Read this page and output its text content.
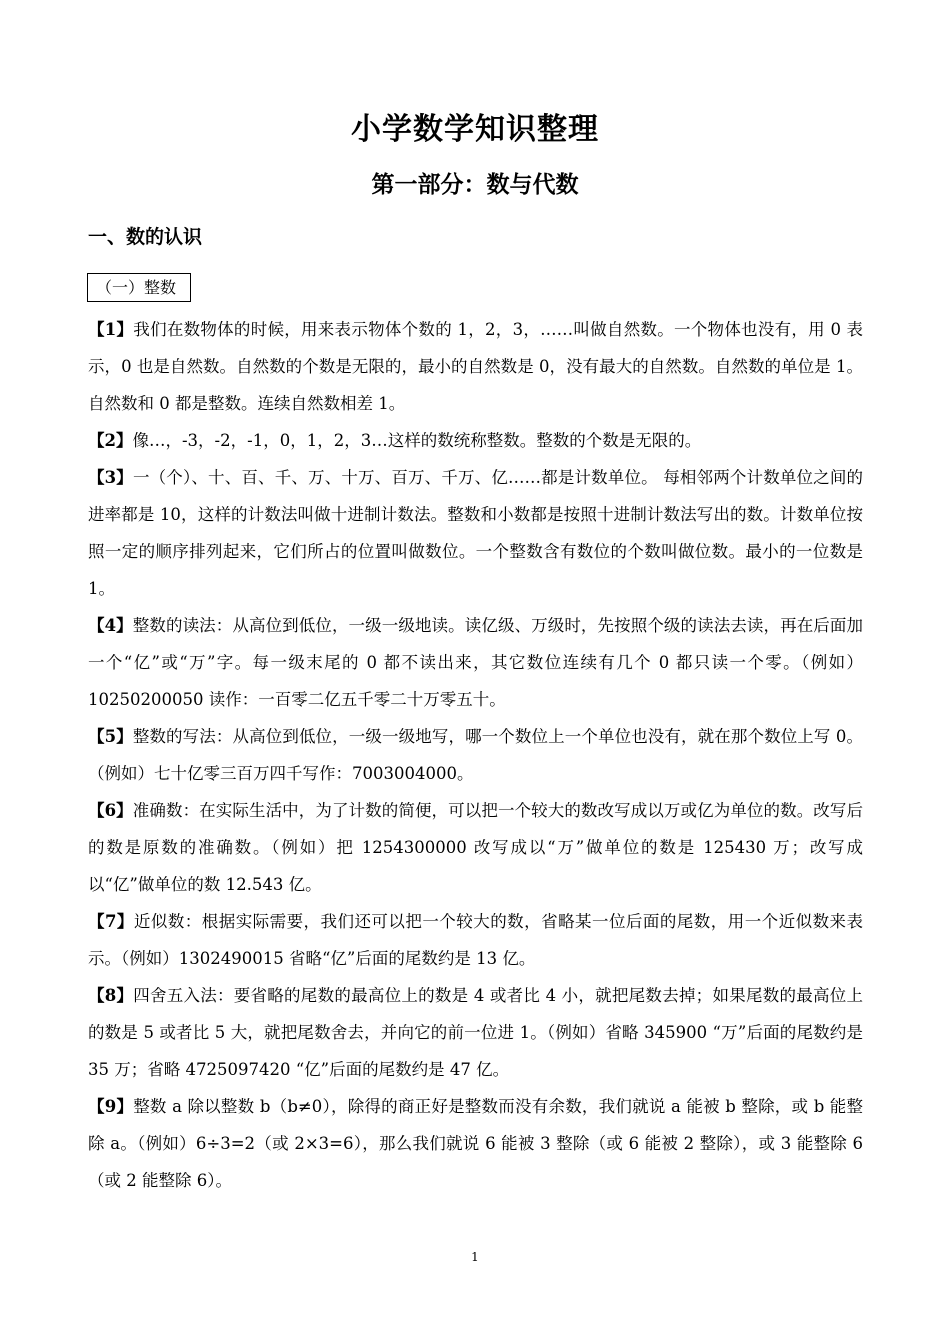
小学数学知识整理
第一部分：数与代数
一、数的认识
（一）整数

【1】我们在数物体的时候，用来表示物体个数的 1，2，3，……叫做自然数。一个物体也没有，用 0 表示，0 也是自然数。自然数的个数是无限的，最小的自然数是 0，没有最大的自然数。自然数的单位是 1。自然数和 0 都是整数。连续自然数相差 1。

【2】像…，-3，-2，-1，0，1，2，3…这样的数统称整数。整数的个数是无限的。

【3】一（个）、十、百、千、万、十万、百万、千万、亿……都是计数单位。 每相邻两个计数单位之间的进率都是 10，这样的计数法叫做十进制计数法。整数和小数都是按照十进制计数法写出的数。计数单位按照一定的顺序排列起来，它们所占的位置叫做数位。一个整数含有数位的个数叫做位数。最小的一位数是 1。

【4】整数的读法：从高位到低位，一级一级地读。读亿级、万级时，先按照个级的读法去读，再在后面加一个“亿”或“万”字。每一级末尾的 0 都不读出来，其它数位连续有几个 0 都只读一个零。（例如）10250200050 读作：一百零二亿五千零二十万零五十。

【5】整数的写法：从高位到低位，一级一级地写，哪一个数位上一个单位也没有，就在那个数位上写 0。（例如）七十亿零三百万四千写作：7003004000。

【6】准确数：在实际生活中，为了计数的简便，可以把一个较大的数改写成以万或亿为单位的数。改写后的数是原数的准确数。（例如）把 1254300000 改写成以“万”做单位的数是 125430 万；改写成以“亿”做单位的数 12.543 亿。

【7】近似数：根据实际需要，我们还可以把一个较大的数，省略某一位后面的尾数，用一个近似数来表示。（例如）1302490015 省略“亿”后面的尾数约是 13 亿。

【8】四舍五入法：要省略的尾数的最高位上的数是 4 或者比 4 小，就把尾数去掉；如果尾数的最高位上的数是 5 或者比 5 大，就把尾数舍去，并向它的前一位进 1。（例如）省略 345900 “万”后面的尾数约是 35 万；省略 4725097420 “亿”后面的尾数约是 47 亿。

【9】整数 a 除以整数 b（b≠0），除得的商正好是整数而没有余数，我们就说 a 能被 b 整除，或 b 能整除 a。（例如）6÷3=2（或 2×3=6），那么我们就说 6 能被 3 整除（或 6 能被 2 整除），或 3 能整除 6（或 2 能整除 6）。

1
